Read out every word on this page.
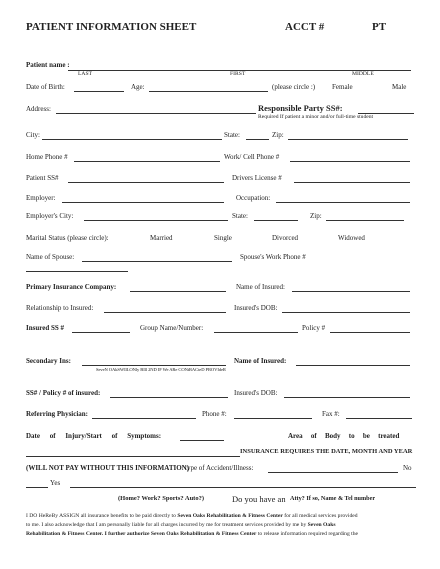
PATIENT INFORMATION SHEET	ACCT #	PT
Patient name :
LAST	FIRST	MIDDLE
Date of Birth:	Age:	(please circle :) Female	Male
Address:	Responsible Party SS#:
Required If patient a minor and/or full-time student
City:	State:	Zip:
Home Phone #	Work/ Cell Phone #
Patient SS#	Drivers License #
Employer:	Occupation:
Employer's City:	State:	Zip:
Marital Status (please circle):	Married	Single	Divorced	Widowed
Name of Spouse:	Spouse's Work Phone #
Primary Insurance Company:	Name of Insured:
Relationship to Insured:	Insured's DOB:
Insured SS #	Group Name/Number:	Policy #
Secondary Ins:	Name of Insured:
SeveN OAkSWIlLONly BIll 2ND IF We ARe CONtRACteD PROVIdeR
SS# / Policy # of insured:	Insured's DOB:
Referring Physician:	Phone #:	Fax #:
Date of Injury/Start of Symptoms:	Area of Body to be treated
INSURANCE REQUIRES THE DATE, MONTH AND YEAR
(WILL NOT PAY WITHOUT THIS INFORMATION)
type of Accident/Illness:	No
Yes
(Home? Work? Sports? Auto?)	Do you have an Atty? If so, Name & Tel number
I DO HeReBy ASSIGN all insurance benefits to be paid directly to Seven Oaks Rehabilitation & Fitness Center for all medical services provided
to me. I also acknowledge that I am personally liable for all charges incurred by me for treatment services provided by me by Seven Oaks
Rehabilitation & Fitness Center. I further authorize Seven Oaks Rehabilitation & Fitness Center to release information required regarding the
